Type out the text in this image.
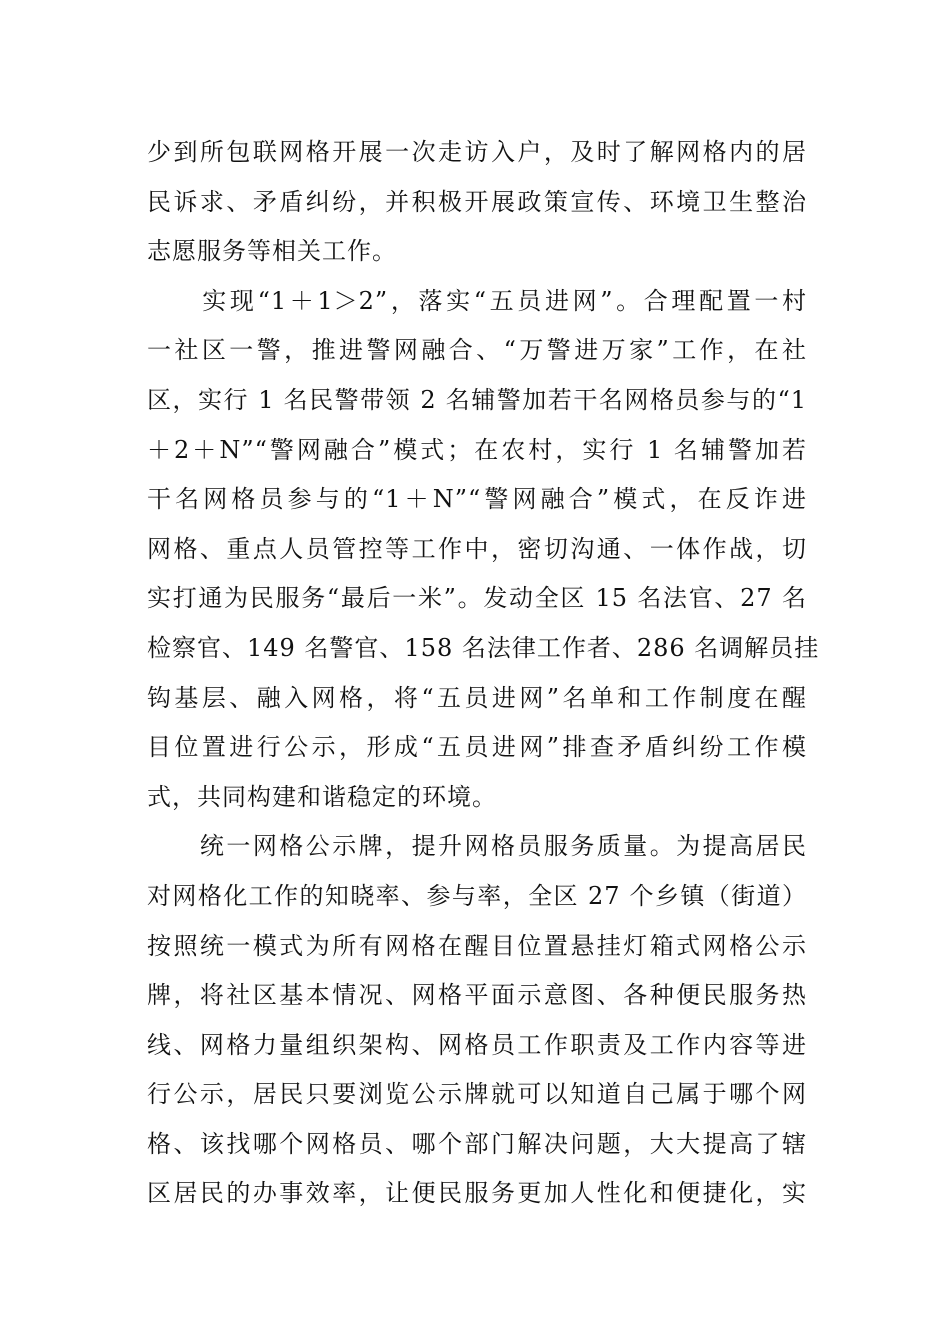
少到所包联网格开展一次走访入户，及时了解网格内的居
民诉求、矛盾纠纷，并积极开展政策宣传、环境卫生整治
志愿服务等相关工作。
　　实现“1＋1＞2”，落实“五员进网”。合理配置一村
一社区一警，推进警网融合、“万警进万家”工作，在社
区，实行 1 名民警带领 2 名辅警加若干名网格员参与的“1
＋2＋N”“警网融合”模式；在农村，实行 1 名辅警加若
干名网格员参与的“1＋N”“警网融合”模式，在反诈进
网格、重点人员管控等工作中，密切沟通、一体作战，切
实打通为民服务“最后一米”。发动全区 15 名法官、27 名
检察官、149 名警官、158 名法律工作者、286 名调解员挂
钩基层、融入网格，将“五员进网”名单和工作制度在醒
目位置进行公示，形成“五员进网”排查矛盾纠纷工作模
式，共同构建和谐稳定的环境。
　　统一网格公示牌，提升网格员服务质量。为提高居民
对网格化工作的知晓率、参与率，全区 27 个乡镇（街道）
按照统一模式为所有网格在醒目位置悬挂灯箱式网格公示
牌，将社区基本情况、网格平面示意图、各种便民服务热
线、网格力量组织架构、网格员工作职责及工作内容等进
行公示，居民只要浏览公示牌就可以知道自己属于哪个网
格、该找哪个网格员、哪个部门解决问题，大大提高了辖
区居民的办事效率，让便民服务更加人性化和便捷化，实
